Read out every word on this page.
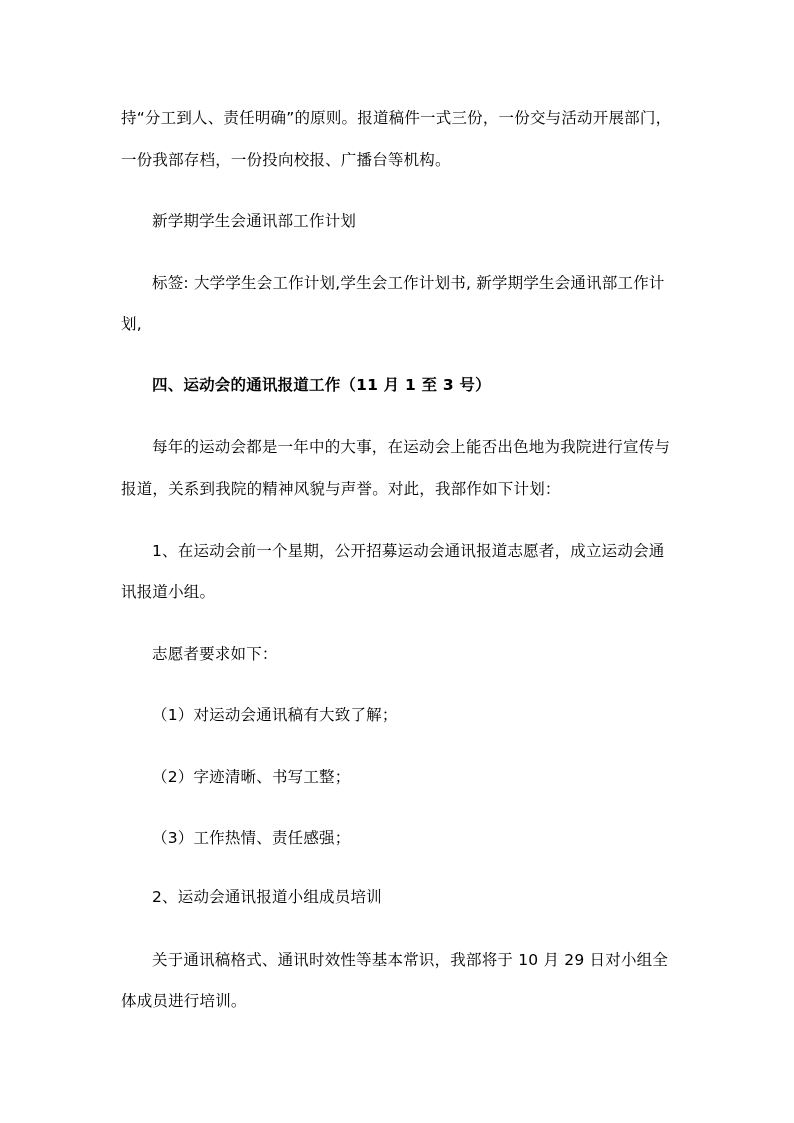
持“分工到人、责任明确”的原则。报道稿件一式三份，一份交与活动开展部门，
一份我部存档，一份投向校报、广播台等机构。
新学期学生会通讯部工作计划
标签: 大学学生会工作计划,学生会工作计划书, 新学期学生会通讯部工作计
划,
四、运动会的通讯报道工作（11 月 1 至 3 号）
每年的运动会都是一年中的大事，在运动会上能否出色地为我院进行宣传与
报道，关系到我院的精神风貌与声誉。对此，我部作如下计划：
1、在运动会前一个星期，公开招募运动会通讯报道志愿者，成立运动会通
讯报道小组。
志愿者要求如下：
（1）对运动会通讯稿有大致了解；
（2）字迹清晰、书写工整；
（3）工作热情、责任感强；
2、运动会通讯报道小组成员培训
关于通讯稿格式、通讯时效性等基本常识，我部将于 10 月 29 日对小组全
体成员进行培训。
